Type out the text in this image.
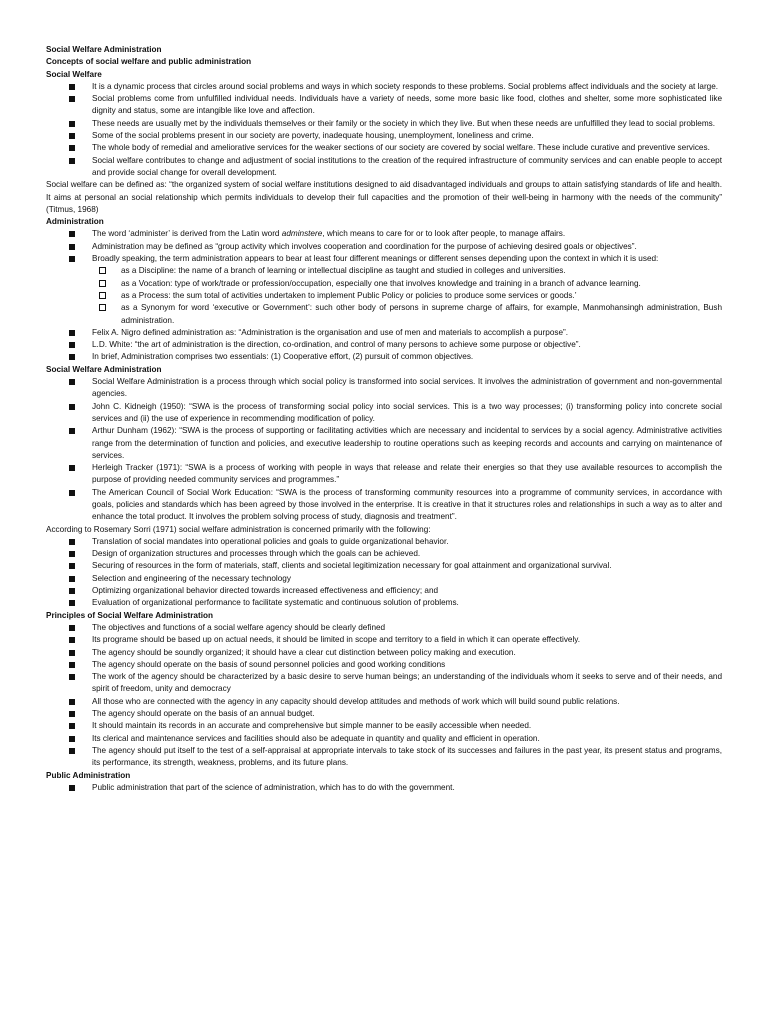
Social Welfare Administration

Concepts of social welfare and public administration

Social Welfare

It is a dynamic process that circles around social problems and ways in which society responds to these problems. Social problems affect individuals and the society at large.
Social problems come from unfulfilled individual needs. Individuals have a variety of needs, some more basic like food, clothes and shelter, some more sophisticated like dignity and status, some are intangible like love and affection.
These needs are usually met by the individuals themselves or their family or the society in which they live. But when these needs are unfulfilled they lead to social problems.
Some of the social problems present in our society are poverty, inadequate housing, unemployment, loneliness and crime.
The whole body of remedial and ameliorative services for the weaker sections of our society are covered by social welfare. These include curative and preventive services.
Social welfare contributes to change and adjustment of social institutions to the creation of the required infrastructure of community services and can enable people to accept and provide social change for overall development.

Social welfare can be defined as: “the organized system of social welfare institutions designed to aid disadvantaged individuals and groups to attain satisfying standards of life and health. It aims at personal an social relationship which permits individuals to develop their full capacities and the promotion of their well-being in harmony with the needs of the community” (Titmus, 1968)

Administration

The word ‘administer’ is derived from the Latin word adminstere, which means to care for or to look after people, to manage affairs.
Administration may be defined as “group activity which involves cooperation and coordination for the purpose of achieving desired goals or objectives”.
Broadly speaking, the term administration appears to bear at least four different meanings or different senses depending upon the context in which it is used:
as a Discipline: the name of a branch of learning or intellectual discipline as taught and studied in colleges and universities.
as a Vocation: type of work/trade or profession/occupation, especially one that involves knowledge and training in a branch of advance learning.
as a Process: the sum total of activities undertaken to implement Public Policy or policies to produce some services or goods.’
as a Synonym for word ‘executive or Government’: such other body of persons in supreme charge of affairs, for example, Manmohansingh administration, Bush administration.
Felix A. Nigro defined administration as: “Administration is the organisation and use of men and materials to accomplish a purpose”.
L.D. White: “the art of administration is the direction, co-ordination, and control of many persons to achieve some purpose or objective”.
In brief, Administration comprises two essentials: (1) Cooperative effort, (2) pursuit of common objectives.

Social Welfare Administration

Social Welfare Administration is a process through which social policy is transformed into social services. It involves the administration of government and non-governmental agencies.
John C. Kidneigh (1950): “SWA is the process of transforming social policy into social services. This is a two way processes; (i) transforming policy into concrete social services and (ii) the use of experience in recommending modification of policy.
Arthur Dunham (1962): “SWA is the process of supporting or facilitating activities which are necessary and incidental to services by a social agency. Administrative activities range from the determination of function and policies, and executive leadership to routine operations such as keeping records and accounts and carrying on maintenance of services.
Herleigh Tracker (1971): “SWA is a process of working with people in ways that release and relate their energies so that they use available resources to accomplish the purpose of providing needed community services and programmes.”
The American Council of Social Work Education: “SWA is the process of transforming community resources into a programme of community services, in accordance with goals, policies and standards which has been agreed by those involved in the enterprise. It is creative in that it structures roles and relationships in such a way as to alter and enhance the total product. It involves the problem solving process of study, diagnosis and treatment”.

According to Rosemary Sorri (1971) social welfare administration is concerned primarily with the following:

Translation of social mandates into operational policies and goals to guide organizational behavior.
Design of organization structures and processes through which the goals can be achieved.
Securing of resources in the form of materials, staff, clients and societal legitimization necessary for goal attainment and organizational survival.
Selection and engineering of the necessary technology
Optimizing organizational behavior directed towards increased effectiveness and efficiency; and
Evaluation of organizational performance to facilitate systematic and continuous solution of problems.

Principles of Social Welfare Administration

The objectives and functions of a social welfare agency should be clearly defined
Its programe should be based up on actual needs, it should be limited in scope and territory to a field in which it can operate effectively.
The agency should be soundly organized; it should have a clear cut distinction between policy making and execution.
The agency should operate on the basis of sound personnel policies and good working conditions
The work of the agency should be characterized by a basic desire to serve human beings; an understanding of the individuals whom it seeks to serve and of their needs, and spirit of freedom, unity and democracy
All those who are connected with the agency in any capacity should develop attitudes and methods of work which will build sound public relations.
The agency should operate on the basis of an annual budget.
It should maintain its records in an accurate and comprehensive but simple manner to be easily accessible when needed.
Its clerical and maintenance services and facilities should also be adequate in quantity and quality and efficient in operation.
The agency should put itself to the test of a self-appraisal at appropriate intervals to take stock of its successes and failures in the past year, its present status and programs, its performance, its strength, weakness, problems, and its future plans.

Public Administration

Public administration that part of the science of administration, which has to do with the government.
